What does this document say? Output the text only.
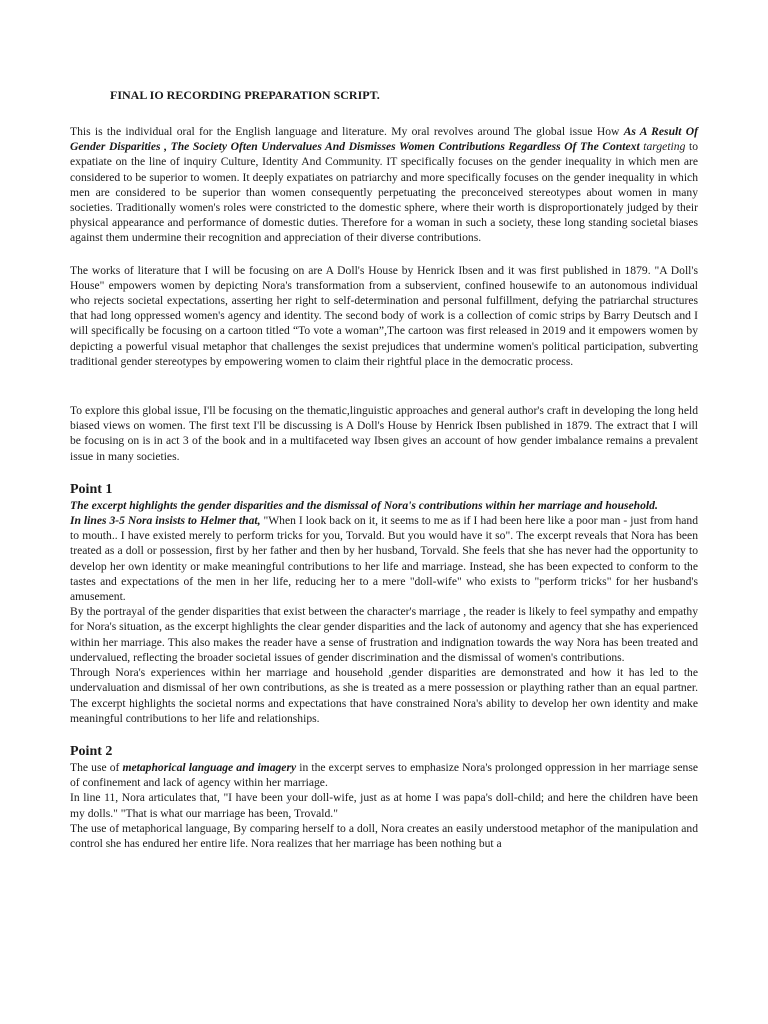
FINAL IO RECORDING PREPARATION SCRIPT.

This is the individual oral for the English language and literature. My oral revolves around The global issue How As A Result Of Gender Disparities , The Society Often Undervalues And Dismisses Women Contributions Regardless Of The Context targeting to expatiate on the line of inquiry Culture, Identity And Community. IT specifically focuses on the gender inequality in which men are considered to be superior to women. It deeply expatiates on patriarchy and more specifically focuses on the gender inequality in which men are considered to be superior than women consequently perpetuating the preconceived stereotypes about women in many societies. Traditionally women's roles were constricted to the domestic sphere, where their worth is disproportionately judged by their physical appearance and performance of domestic duties. Therefore for a woman in such a society, these long standing societal biases against them undermine their recognition and appreciation of their diverse contributions.

The works of literature that I will be focusing on are A Doll's House by Henrick Ibsen and it was first published in 1879. "A Doll's House" empowers women by depicting Nora's transformation from a subservient, confined housewife to an autonomous individual who rejects societal expectations, asserting her right to self-determination and personal fulfillment, defying the patriarchal structures that had long oppressed women's agency and identity. The second body of work is a collection of comic strips by Barry Deutsch and I will specifically be focusing on a cartoon titled “To vote a woman”,The cartoon was first released in 2019 and it empowers women by depicting a powerful visual metaphor that challenges the sexist prejudices that undermine women's political participation, subverting traditional gender stereotypes by empowering women to claim their rightful place in the democratic process.

To explore this global issue, I'll be focusing on the thematic,linguistic approaches and general author's craft in developing the long held biased views on women. The first text I'll be discussing is A Doll's House by Henrick Ibsen published in 1879. The extract that I will be focusing on is in act 3 of the book and in a multifaceted way Ibsen gives an account of how gender imbalance remains a prevalent issue in many societies.

Point 1

The excerpt highlights the gender disparities and the dismissal of Nora's contributions within her marriage and household.

In lines 3-5 Nora insists to Helmer that, "When I look back on it, it seems to me as if I had been here like a poor man - just from hand to mouth.. I have existed merely to perform tricks for you, Torvald. But you would have it so". The excerpt reveals that Nora has been treated as a doll or possession, first by her father and then by her husband, Torvald. She feels that she has never had the opportunity to develop her own identity or make meaningful contributions to her life and marriage. Instead, she has been expected to conform to the tastes and expectations of the men in her life, reducing her to a mere "doll-wife" who exists to "perform tricks" for her husband's amusement.

By the portrayal of the gender disparities that exist between the character's marriage , the reader is likely to feel sympathy and empathy for Nora's situation, as the excerpt highlights the clear gender disparities and the lack of autonomy and agency that she has experienced within her marriage. This also makes the reader have a sense of frustration and indignation towards the way Nora has been treated and undervalued, reflecting the broader societal issues of gender discrimination and the dismissal of women's contributions.

Through Nora's experiences within her marriage and household ,gender disparities are demonstrated and how it has led to the undervaluation and dismissal of her own contributions, as she is treated as a mere possession or plaything rather than an equal partner. The excerpt highlights the societal norms and expectations that have constrained Nora's ability to develop her own identity and make meaningful contributions to her life and relationships.

Point 2

The use of metaphorical language and imagery in the excerpt serves to emphasize Nora's prolonged oppression in her marriage sense of confinement and lack of agency within her marriage.

In line 11, Nora articulates that, "I have been your doll-wife, just as at home I was papa's doll-child; and here the children have been my dolls." "That is what our marriage has been, Trovald."

The use of metaphorical language, By comparing herself to a doll, Nora creates an easily understood metaphor of the manipulation and control she has endured her entire life. Nora realizes that her marriage has been nothing but a
